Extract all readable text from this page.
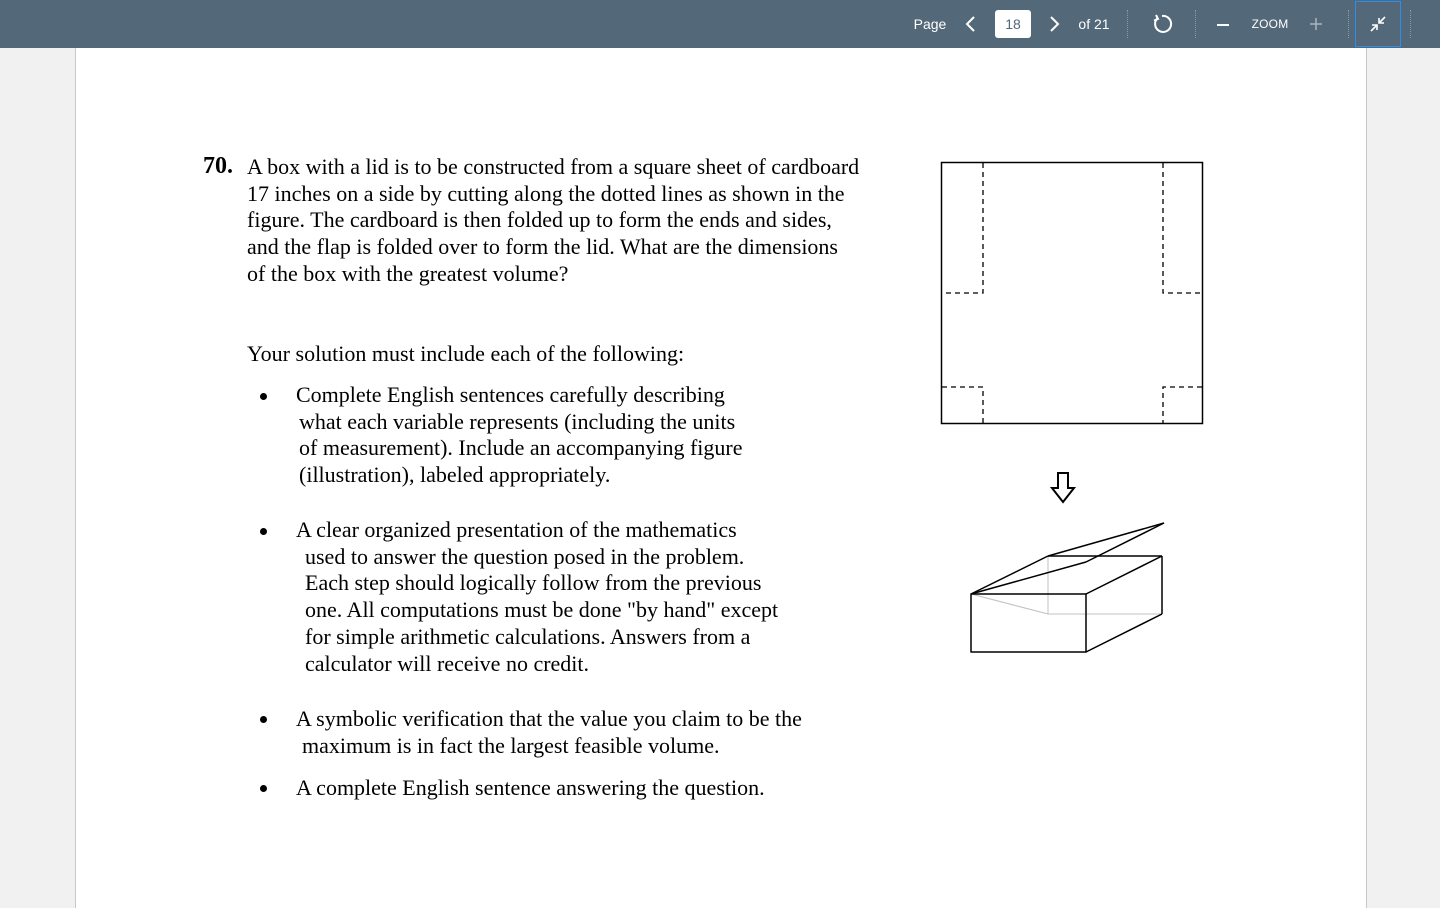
Page
18	of 21	ZOOM
70. A box with a lid is to be constructed from a square sheet of cardboard
17 inches on a side by cutting along the dotted lines as shown in the
figure. The cardboard is then folded up to form the ends and sides,
and the flap is folded over to form the lid. What are the dimensions
of the box with the greatest volume?
Your solution must include each of the following:
Complete English sentences carefully describing
what each variable represents (including the units
of measurement). Include an accompanying figure
(illustration), labeled appropriately.
A clear organized presentation of the mathematics
used to answer the question posed in the problem.
Each step should logically follow from the previous
one. All computations must be done "by hand" except
for simple arithmetic calculations. Answers from a
calculator will receive no credit.
A symbolic verification that the value you claim to be the
maximum is in fact the largest feasible volume.
A complete English sentence answering the question.
